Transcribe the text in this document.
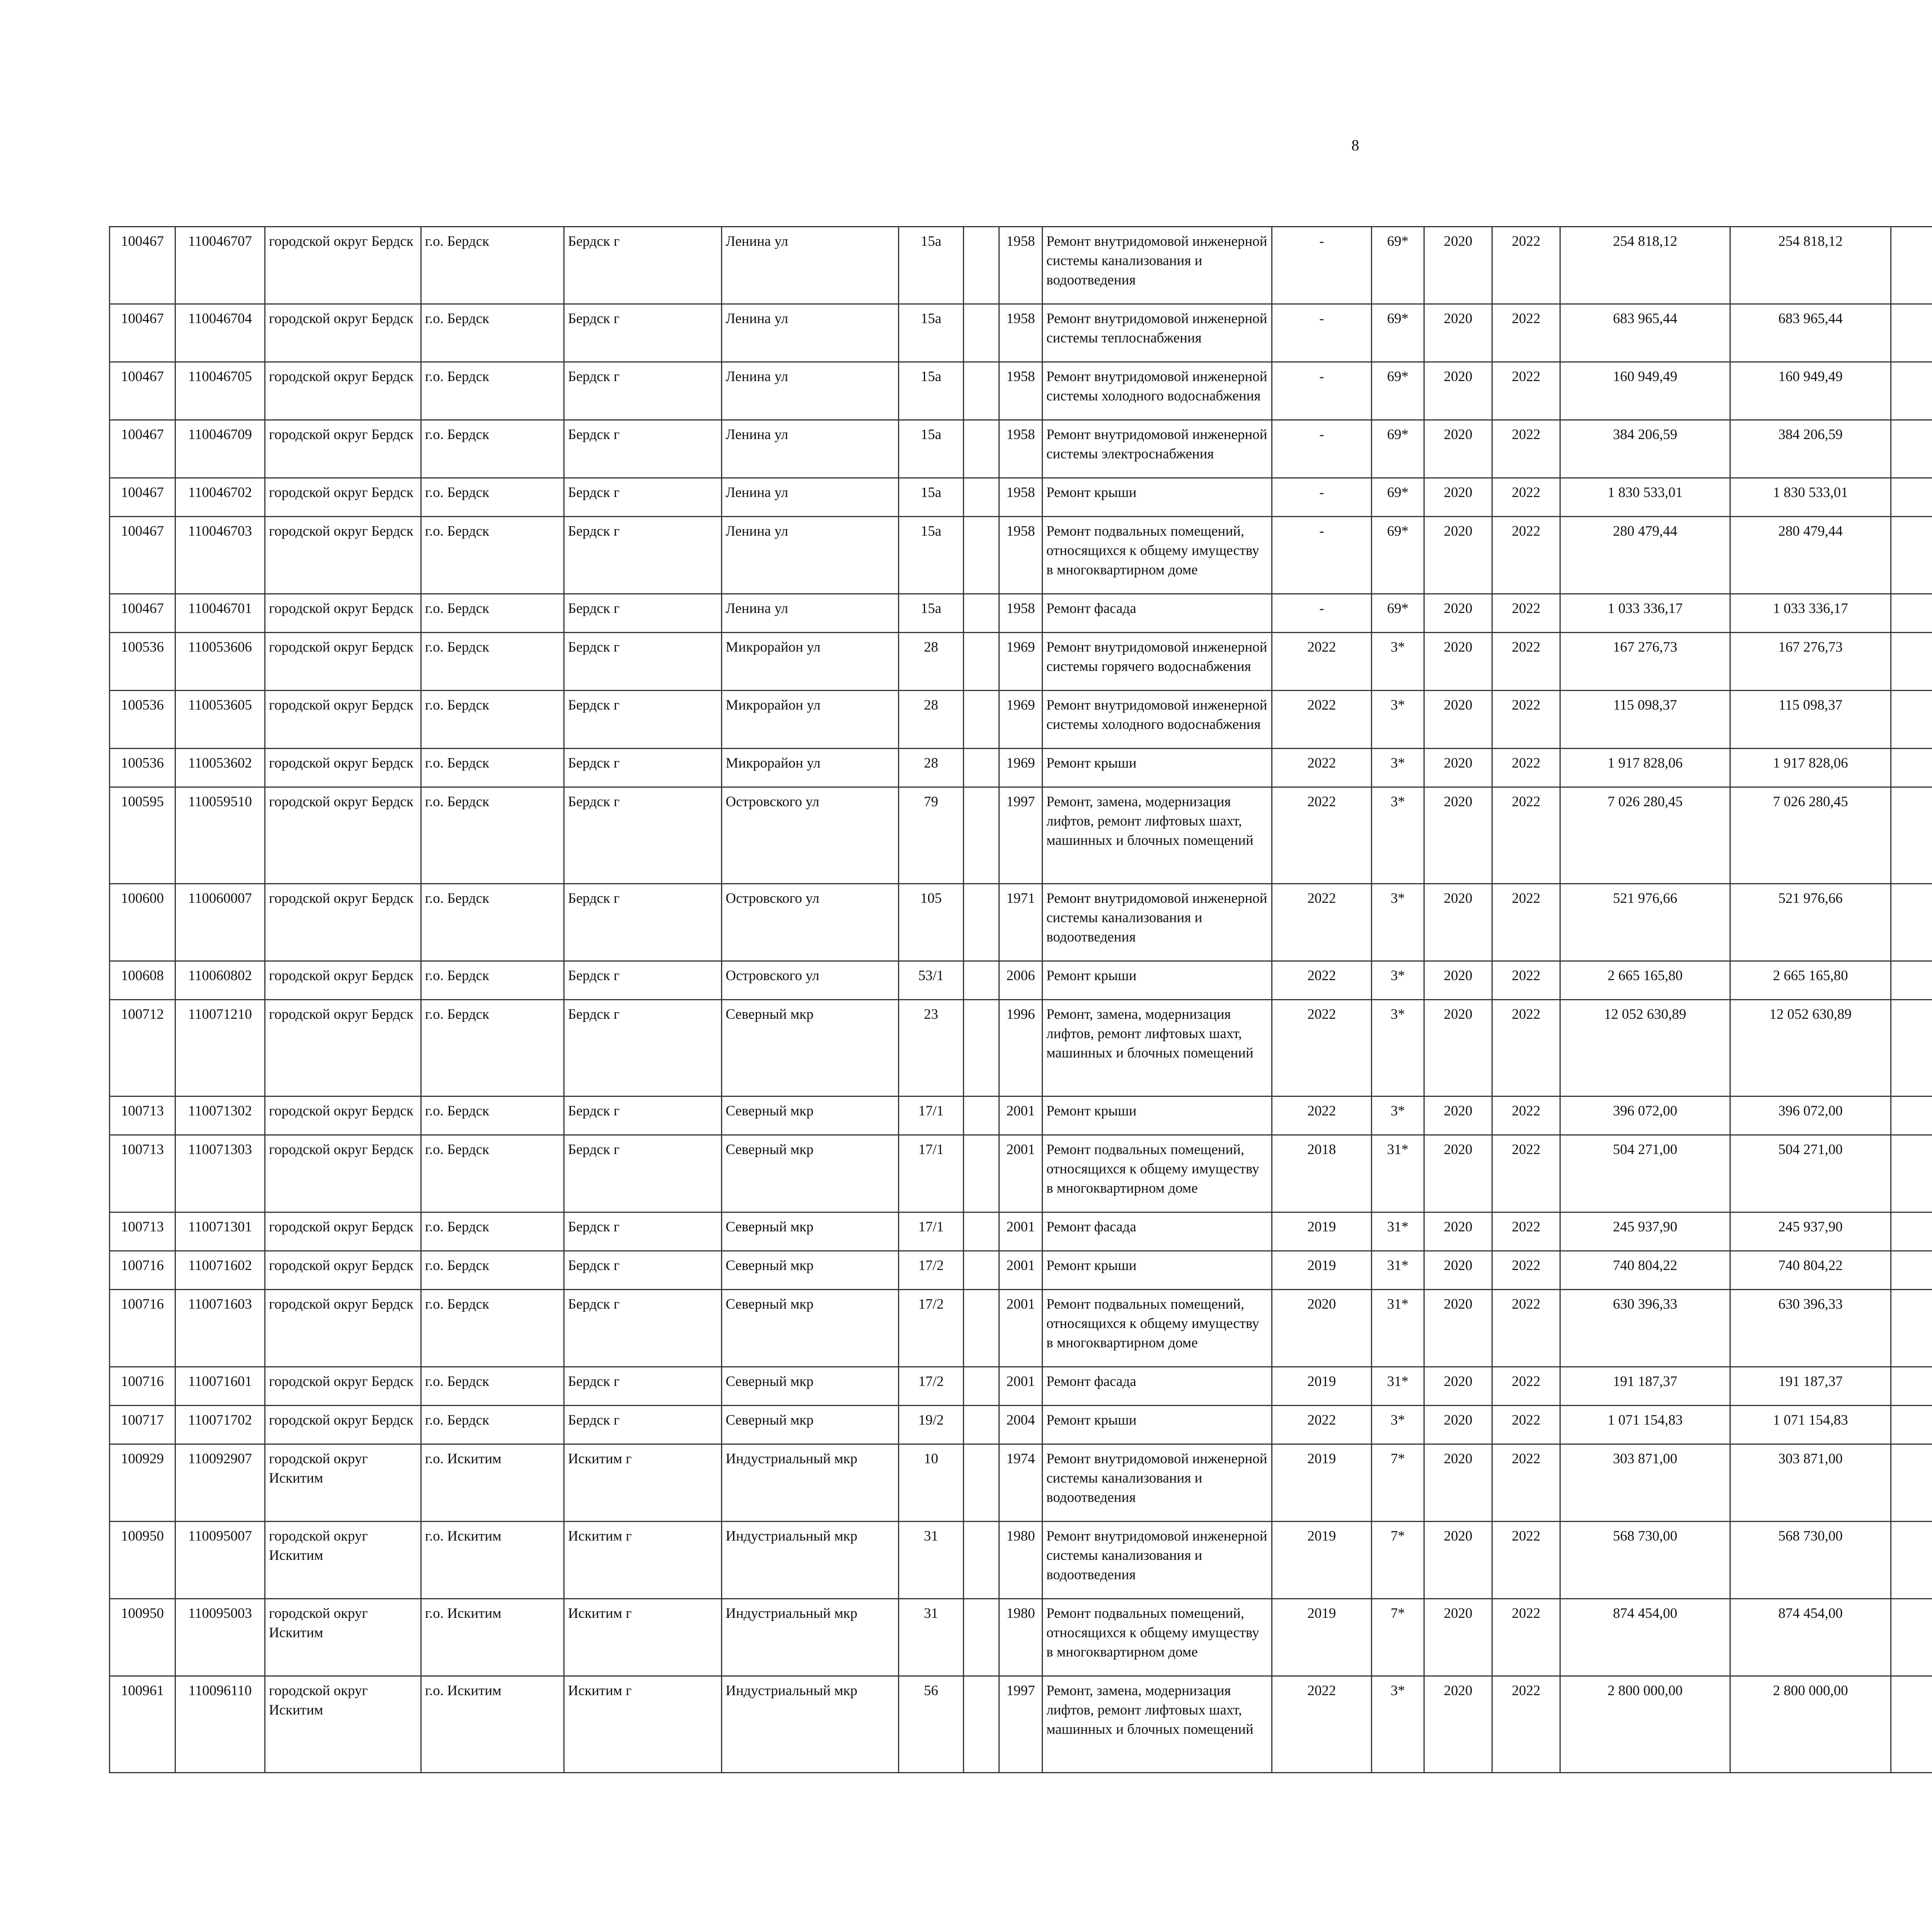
8
100467	110046707	городской округ Бердск	г.о. Бердск	Бердск г	Ленина ул	15а		1958	Ремонт внутридомовой инженерной системы канализования и водоотведения	-	69*	2020	2022	254 818,12	254 818,12						
100467	110046704	городской округ Бердск	г.о. Бердск	Бердск г	Ленина ул	15а		1958	Ремонт внутридомовой инженерной системы теплоснабжения	-	69*	2020	2022	683 965,44	683 965,44						
100467	110046705	городской округ Бердск	г.о. Бердск	Бердск г	Ленина ул	15а		1958	Ремонт внутридомовой инженерной системы холодного водоснабжения	-	69*	2020	2022	160 949,49	160 949,49						
100467	110046709	городской округ Бердск	г.о. Бердск	Бердск г	Ленина ул	15а		1958	Ремонт внутридомовой инженерной системы электроснабжения	-	69*	2020	2022	384 206,59	384 206,59						
100467	110046702	городской округ Бердск	г.о. Бердск	Бердск г	Ленина ул	15а		1958	Ремонт крыши	-	69*	2020	2022	1 830 533,01	1 830 533,01						
100467	110046703	городской округ Бердск	г.о. Бердск	Бердск г	Ленина ул	15а		1958	Ремонт подвальных помещений, относящихся к общему имуществу в многоквартирном доме	-	69*	2020	2022	280 479,44	280 479,44						
100467	110046701	городской округ Бердск	г.о. Бердск	Бердск г	Ленина ул	15а		1958	Ремонт фасада	-	69*	2020	2022	1 033 336,17	1 033 336,17						
100536	110053606	городской округ Бердск	г.о. Бердск	Бердск г	Микрорайон ул	28		1969	Ремонт внутридомовой инженерной системы горячего водоснабжения	2022	3*	2020	2022	167 276,73	167 276,73						
100536	110053605	городской округ Бердск	г.о. Бердск	Бердск г	Микрорайон ул	28		1969	Ремонт внутридомовой инженерной системы холодного водоснабжения	2022	3*	2020	2022	115 098,37	115 098,37						
100536	110053602	городской округ Бердск	г.о. Бердск	Бердск г	Микрорайон ул	28		1969	Ремонт крыши	2022	3*	2020	2022	1 917 828,06	1 917 828,06						
100595	110059510	городской округ Бердск	г.о. Бердск	Бердск г	Островского ул	79		1997	Ремонт, замена, модернизация лифтов, ремонт лифтовых шахт, машинных и блочных помещений	2022	3*	2020	2022	7 026 280,45	7 026 280,45						
100600	110060007	городской округ Бердск	г.о. Бердск	Бердск г	Островского ул	105		1971	Ремонт внутридомовой инженерной системы канализования и водоотведения	2022	3*	2020	2022	521 976,66	521 976,66						
100608	110060802	городской округ Бердск	г.о. Бердск	Бердск г	Островского ул	53/1		2006	Ремонт крыши	2022	3*	2020	2022	2 665 165,80	2 665 165,80						
100712	110071210	городской округ Бердск	г.о. Бердск	Бердск г	Северный мкр	23		1996	Ремонт, замена, модернизация лифтов, ремонт лифтовых шахт, машинных и блочных помещений	2022	3*	2020	2022	12 052 630,89	12 052 630,89						
100713	110071302	городской округ Бердск	г.о. Бердск	Бердск г	Северный мкр	17/1		2001	Ремонт крыши	2022	3*	2020	2022	396 072,00	396 072,00						
100713	110071303	городской округ Бердск	г.о. Бердск	Бердск г	Северный мкр	17/1		2001	Ремонт подвальных помещений, относящихся к общему имуществу в многоквартирном доме	2018	31*	2020	2022	504 271,00	504 271,00						
100713	110071301	городской округ Бердск	г.о. Бердск	Бердск г	Северный мкр	17/1		2001	Ремонт фасада	2019	31*	2020	2022	245 937,90	245 937,90						
100716	110071602	городской округ Бердск	г.о. Бердск	Бердск г	Северный мкр	17/2		2001	Ремонт крыши	2019	31*	2020	2022	740 804,22	740 804,22						
100716	110071603	городской округ Бердск	г.о. Бердск	Бердск г	Северный мкр	17/2		2001	Ремонт подвальных помещений, относящихся к общему имуществу в многоквартирном доме	2020	31*	2020	2022	630 396,33	630 396,33						
100716	110071601	городской округ Бердск	г.о. Бердск	Бердск г	Северный мкр	17/2		2001	Ремонт фасада	2019	31*	2020	2022	191 187,37	191 187,37						
100717	110071702	городской округ Бердск	г.о. Бердск	Бердск г	Северный мкр	19/2		2004	Ремонт крыши	2022	3*	2020	2022	1 071 154,83	1 071 154,83						
100929	110092907	городской округ Искитим	г.о. Искитим	Искитим г	Индустриальный мкр	10		1974	Ремонт внутридомовой инженерной системы канализования и водоотведения	2019	7*	2020	2022	303 871,00	303 871,00						
100950	110095007	городской округ Искитим	г.о. Искитим	Искитим г	Индустриальный мкр	31		1980	Ремонт внутридомовой инженерной системы канализования и водоотведения	2019	7*	2020	2022	568 730,00	568 730,00						
100950	110095003	городской округ Искитим	г.о. Искитим	Искитим г	Индустриальный мкр	31		1980	Ремонт подвальных помещений, относящихся к общему имуществу в многоквартирном доме	2019	7*	2020	2022	874 454,00	874 454,00						
100961	110096110	городской округ Искитим	г.о. Искитим	Искитим г	Индустриальный мкр	56		1997	Ремонт, замена, модернизация лифтов, ремонт лифтовых шахт, машинных и блочных помещений	2022	3*	2020	2022	2 800 000,00	2 800 000,00						
